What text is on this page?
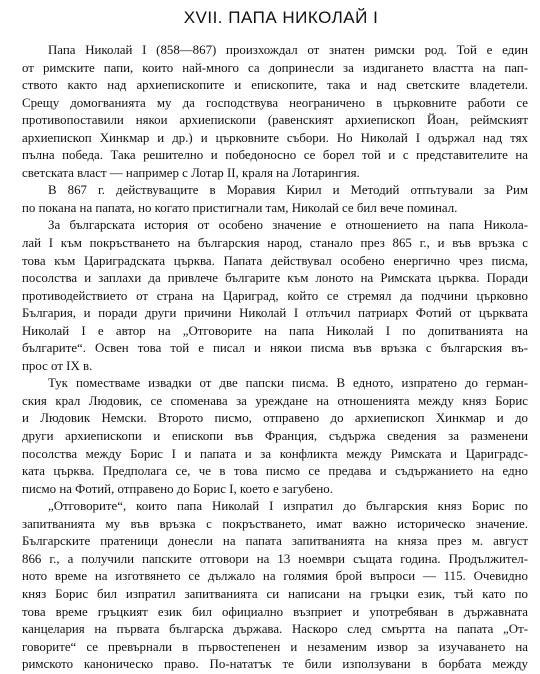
XVII. ПАПА НИКОЛАЙ I

Папа Николай I (858—867) произхождал от знатен римски род. Той е един
от римските папи, които най-много са допринесли за издигането властта на пап-
ството както над архиепископите и епископите, така и над светските владетели.
Срещу домогванията му да господствува неограничено в църковните работи се
противопоставили някои архиепископи (равенският архиепископ Йоан, реймският
архиепископ Хинкмар и др.) и църковните събори. Но Николай I одържал над тях
пълна победа. Така решително и победоносно се борел той и с представителите на
светската власт — например с Лотар II, краля на Лотарингия.

В 867 г. действуващите в Моравия Кирил и Методий отпътували за Рим
по покана на папата, но когато пристигнали там, Николай се бил вече поминал.

За българската история от особено значение е отношението на папа Никола-
лай I към покръстването на българския народ, станало през 865 г., и във връзка с
това към Цариградската църква. Папата действувал особено енергично чрез писма,
посолства и заплахи да привлече българите към лоното на Римската църква. Поради
противодействието от страна на Цариград, който се стремял да подчини църковно
България, и поради други причини Николай I отлъчил патриарх Фотий от църквата
Николай I е автор на „Отговорите на папа Николай I по допитванията на
българите“. Освен това той е писал и някои писма във връзка с българския въ-
прос от IX в.

Тук поместваме извадки от две папски писма. В едното, изпратено до герман-
ския крал Людовик, се споменава за уреждане на отношенията между княз Борис
и Людовик Немски. Второто писмо, отправено до архиепископ Хинкмар и до
други архиепископи и епископи във Франция, съдържа сведения за разменени
посолства между Борис I и папата и за конфликта между Римската и Цариградс-
ката църква. Предполага се, че в това писмо се предава и съдържанието на едно
писмо на Фотий, отправено до Борис I, което е загубено.

„Отговорите“, които папа Николай I изпратил до българския княз Борис по
запитванията му във връзка с покръстването, имат важно историческо значение.
Българските пратеници донесли на папата запитванията на княза през м. август
866 г., а получили папските отговори на 13 ноември същата година. Продължител-
ното време на изготвянето се дължало на голямия брой въпроси — 115. Очевидно
княз Борис бил изпратил запитванията си написани на гръцки език, тъй като по
това време гръцкият език бил официално възприет и употребяван в държавната
канцелария на първата българска държава. Наскоро след смъртта на папата „От-
говорите“ се превърнали в първостепенен и незаменим извор за изучаването на
римското каноническо право. По-нататък те били използувани в борбата между
